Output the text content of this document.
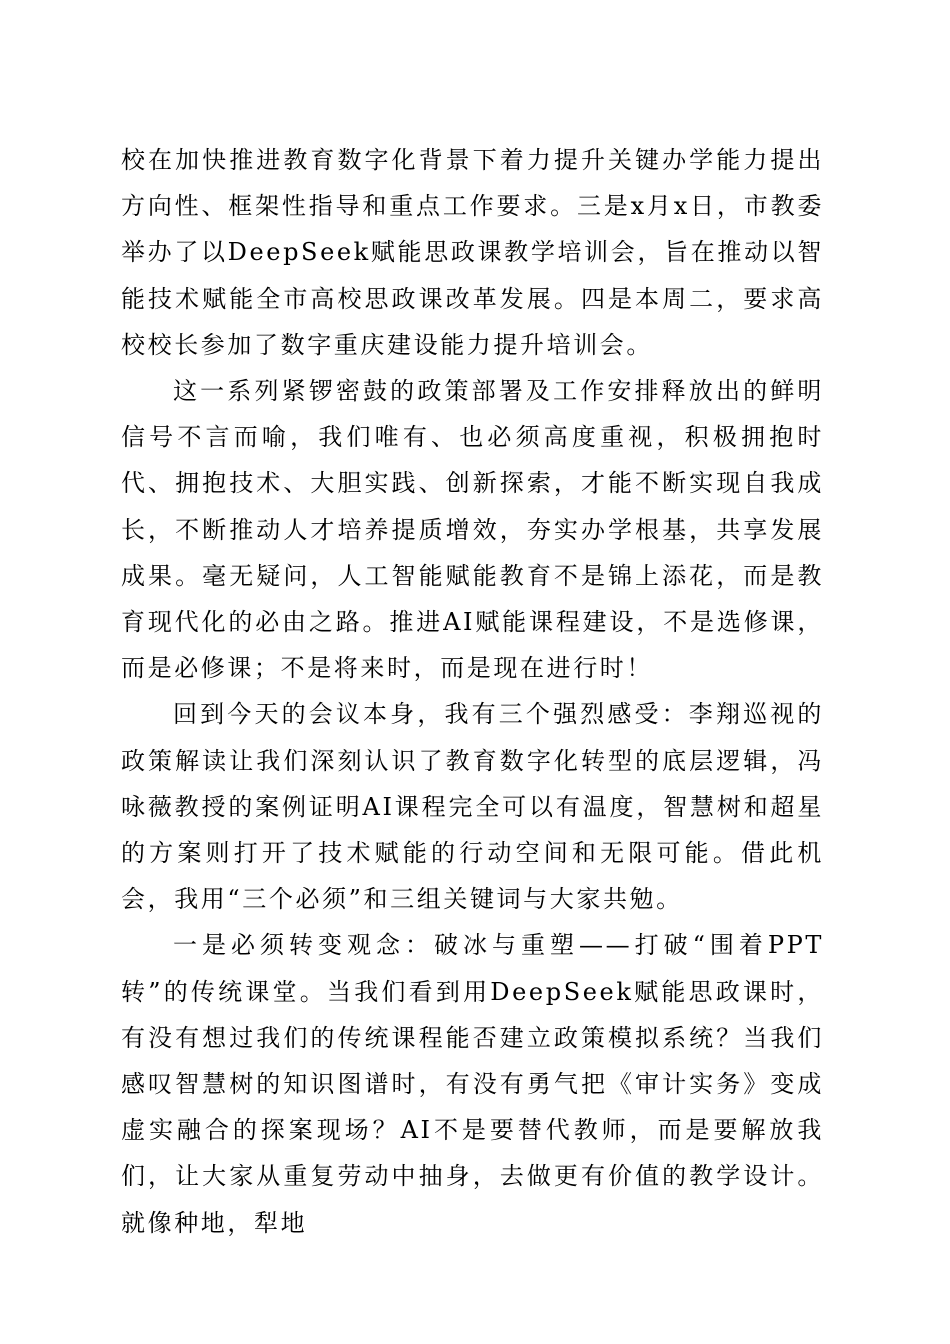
校在加快推进教育数字化背景下着力提升关键办学能力提出方向性、框架性指导和重点工作要求。三是x月x日，市教委举办了以DeepSeek赋能思政课教学培训会，旨在推动以智能技术赋能全市高校思政课改革发展。四是本周二，要求高校校长参加了数字重庆建设能力提升培训会。

这一系列紧锣密鼓的政策部署及工作安排释放出的鲜明信号不言而喻，我们唯有、也必须高度重视，积极拥抱时代、拥抱技术、大胆实践、创新探索，才能不断实现自我成长，不断推动人才培养提质增效，夯实办学根基，共享发展成果。毫无疑问，人工智能赋能教育不是锦上添花，而是教育现代化的必由之路。推进AI赋能课程建设，不是选修课，而是必修课；不是将来时，而是现在进行时！

回到今天的会议本身，我有三个强烈感受：李翔巡视的政策解读让我们深刻认识了教育数字化转型的底层逻辑，冯咏薇教授的案例证明AI课程完全可以有温度，智慧树和超星的方案则打开了技术赋能的行动空间和无限可能。借此机会，我用“三个必须”和三组关键词与大家共勉。

一是必须转变观念：破冰与重塑——打破“围着PPT转”的传统课堂。当我们看到用DeepSeek赋能思政课时，有没有想过我们的传统课程能否建立政策模拟系统？当我们感叹智慧树的知识图谱时，有没有勇气把《审计实务》变成虚实融合的探案现场？AI不是要替代教师，而是要解放我们，让大家从重复劳动中抽身，去做更有价值的教学设计。就像种地，犁地
